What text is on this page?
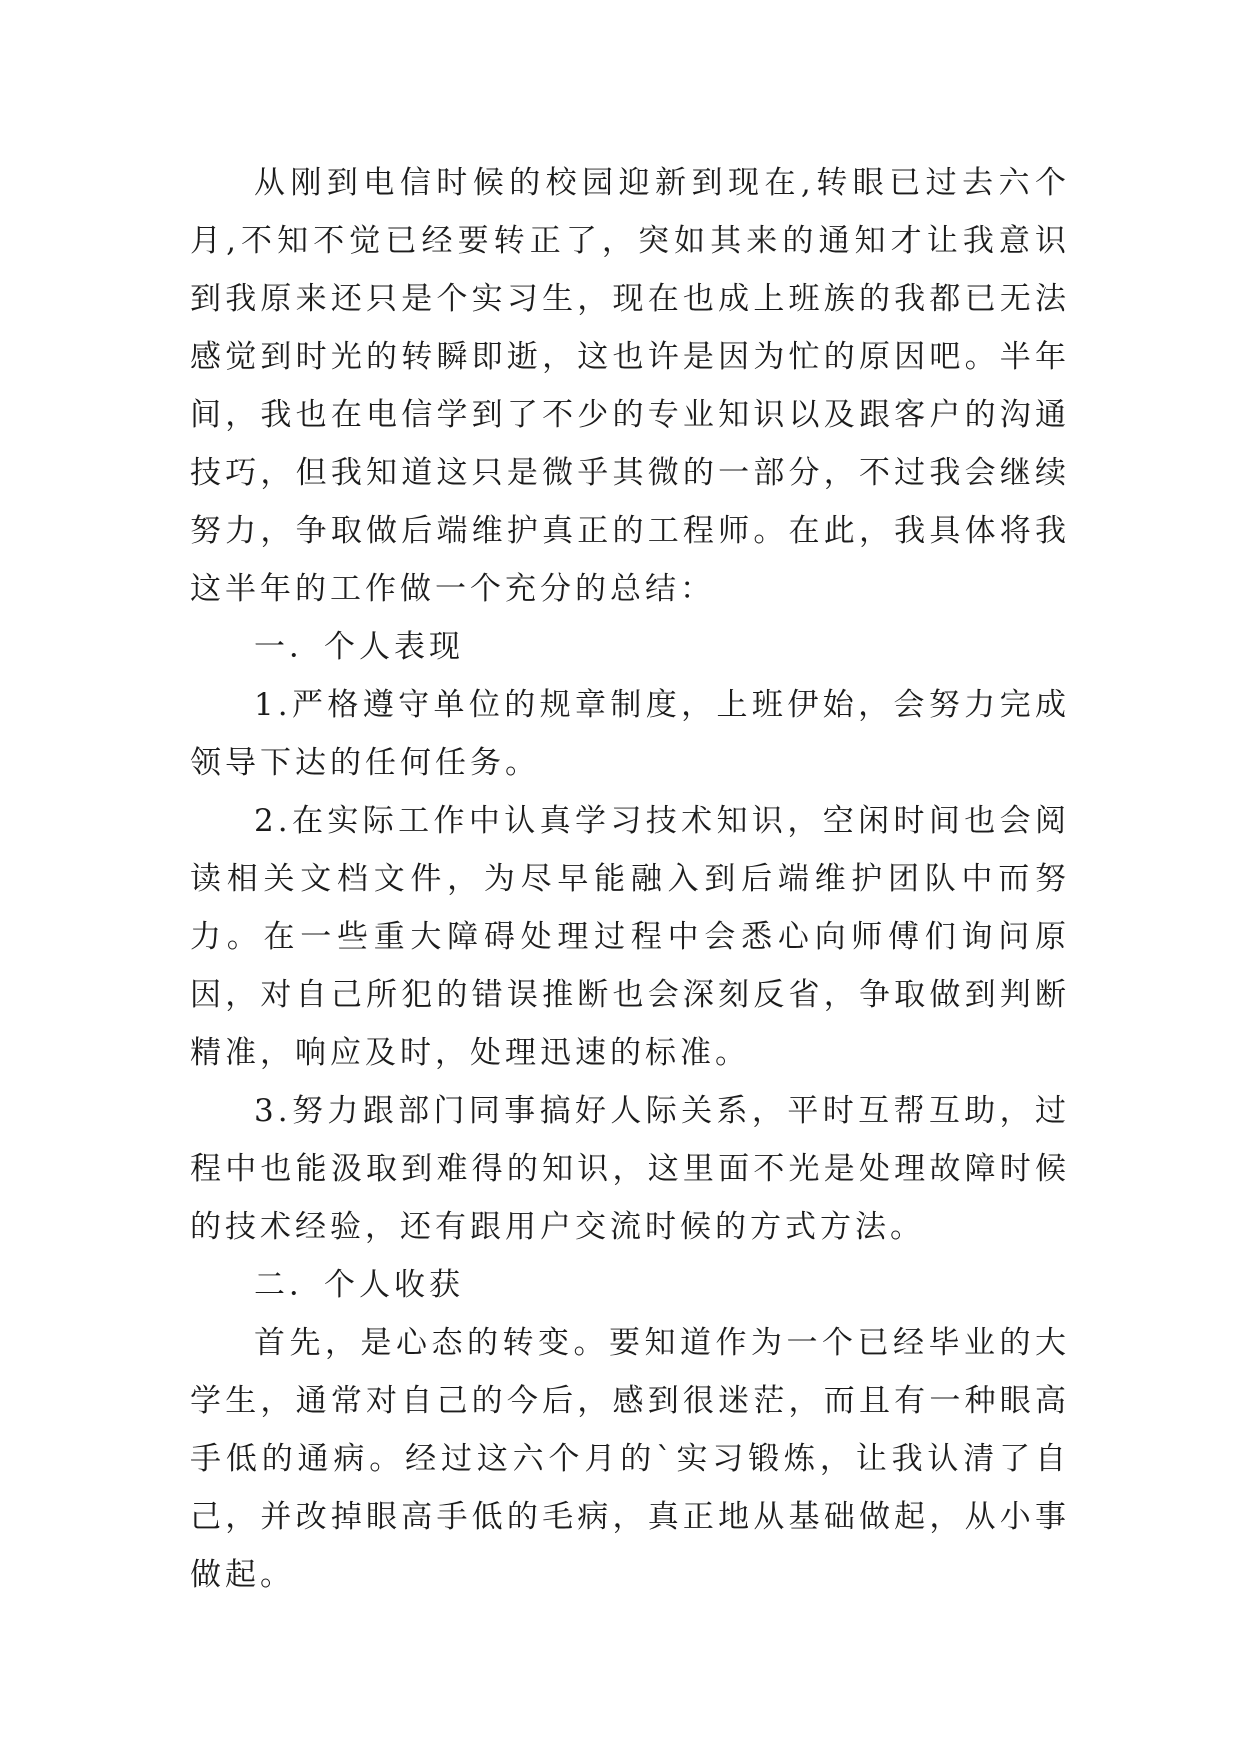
从刚到电信时候的校园迎新到现在,转眼已过去六个月,不知不觉已经要转正了，突如其来的通知才让我意识到我原来还只是个实习生，现在也成上班族的我都已无法感觉到时光的转瞬即逝，这也许是因为忙的原因吧。半年间，我也在电信学到了不少的专业知识以及跟客户的沟通技巧，但我知道这只是微乎其微的一部分，不过我会继续努力，争取做后端维护真正的工程师。在此，我具体将我这半年的工作做一个充分的总结：

一．个人表现

1.严格遵守单位的规章制度，上班伊始，会努力完成领导下达的任何任务。

2.在实际工作中认真学习技术知识，空闲时间也会阅读相关文档文件，为尽早能融入到后端维护团队中而努力。在一些重大障碍处理过程中会悉心向师傅们询问原因，对自己所犯的错误推断也会深刻反省，争取做到判断精准，响应及时，处理迅速的标准。

3.努力跟部门同事搞好人际关系，平时互帮互助，过程中也能汲取到难得的知识，这里面不光是处理故障时候的技术经验，还有跟用户交流时候的方式方法。

二．个人收获

首先，是心态的转变。要知道作为一个已经毕业的大学生，通常对自己的今后，感到很迷茫，而且有一种眼高手低的通病。经过这六个月的`实习锻炼，让我认清了自己，并改掉眼高手低的毛病，真正地从基础做起，从小事做起。
